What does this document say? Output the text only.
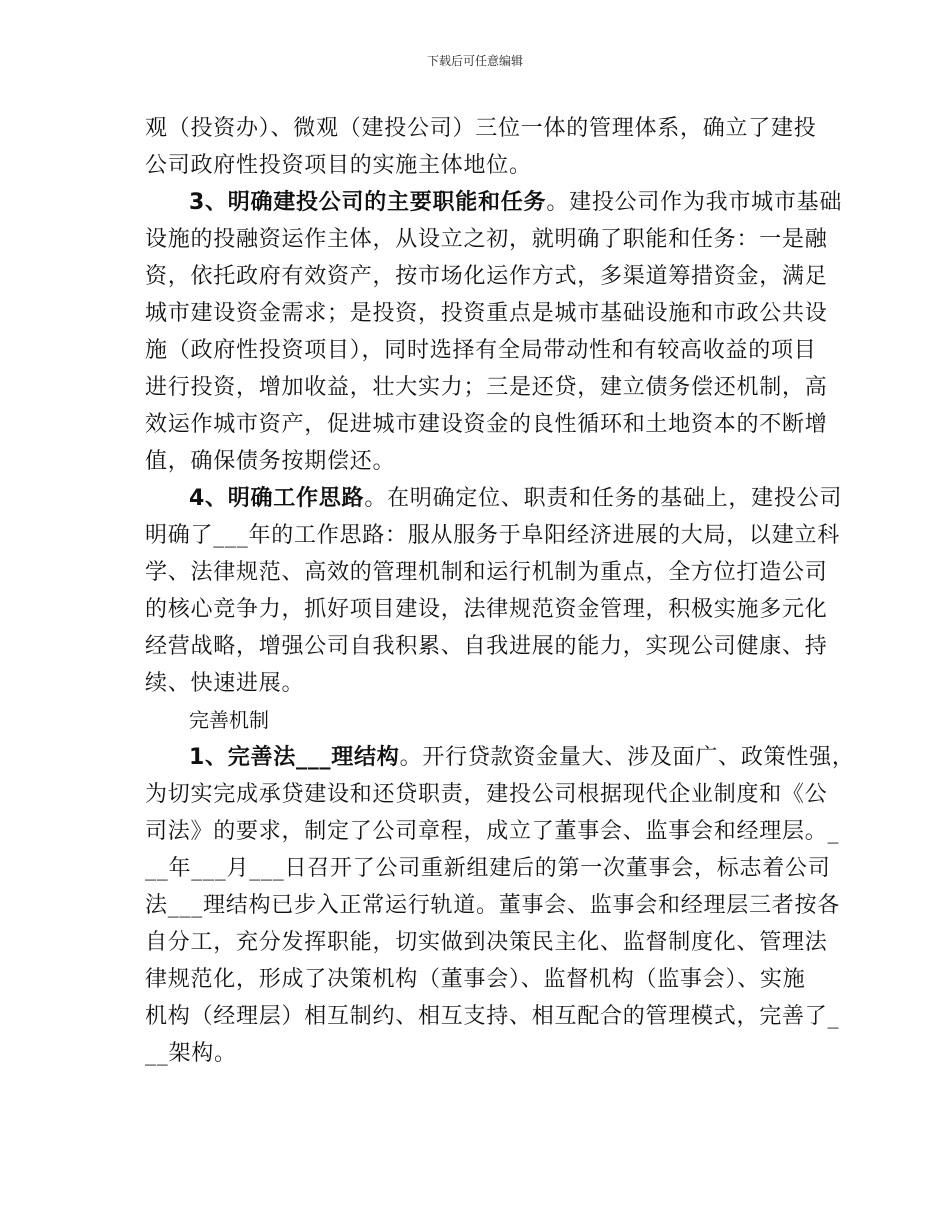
下载后可任意编辑
观（投资办）、微观（建投公司）三位一体的管理体系，确立了建投
公司政府性投资项目的实施主体地位。
3、明确建投公司的主要职能和任务。建投公司作为我市城市基础
设施的投融资运作主体，从设立之初，就明确了职能和任务：一是融
资，依托政府有效资产，按市场化运作方式，多渠道筹措资金，满足
城市建设资金需求；是投资，投资重点是城市基础设施和市政公共设
施（政府性投资项目），同时选择有全局带动性和有较高收益的项目
进行投资，增加收益，壮大实力；三是还贷，建立债务偿还机制，高
效运作城市资产，促进城市建设资金的良性循环和土地资本的不断增
值，确保债务按期偿还。
4、明确工作思路。在明确定位、职责和任务的基础上，建投公司
明确了___年的工作思路：服从服务于阜阳经济进展的大局，以建立科
学、法律规范、高效的管理机制和运行机制为重点，全方位打造公司
的核心竞争力，抓好项目建设，法律规范资金管理，积极实施多元化
经营战略，增强公司自我积累、自我进展的能力，实现公司健康、持
续、快速进展。
完善机制
1、完善法___理结构。开行贷款资金量大、涉及面广、政策性强，
为切实完成承贷建设和还贷职责，建投公司根据现代企业制度和《公
司法》的要求，制定了公司章程，成立了董事会、监事会和经理层。_
__年___月___日召开了公司重新组建后的第一次董事会，标志着公司
法___理结构已步入正常运行轨道。董事会、监事会和经理层三者按各
自分工，充分发挥职能，切实做到决策民主化、监督制度化、管理法
律规范化，形成了决策机构（董事会）、监督机构（监事会）、实施
机构（经理层）相互制约、相互支持、相互配合的管理模式，完善了_
__架构。
